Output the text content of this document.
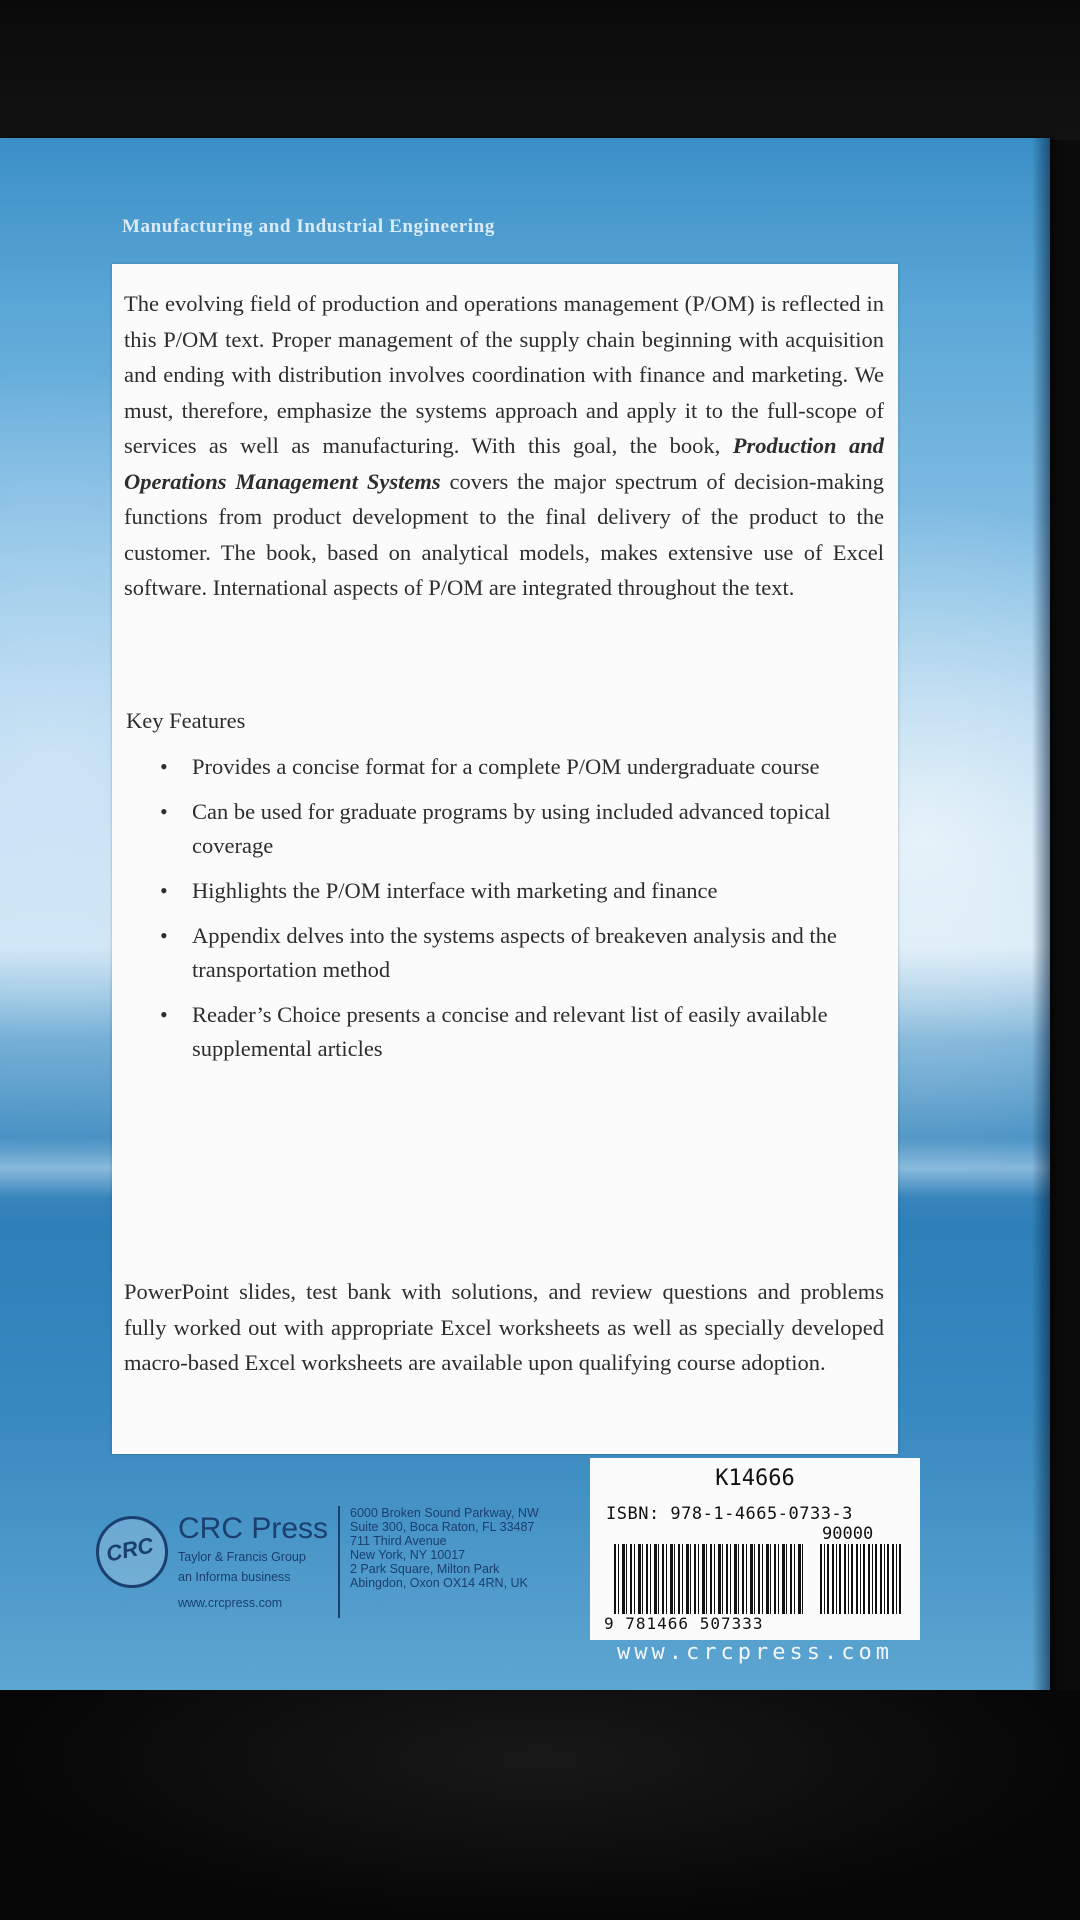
Manufacturing and Industrial Engineering

The evolving field of production and operations management (P/OM) is reflected in this P/OM text. Proper management of the supply chain beginning with acquisition and ending with distribution involves coordination with finance and marketing. We must, therefore, emphasize the systems approach and apply it to the full-scope of services as well as manufacturing. With this goal, the book, Production and Operations Management Systems covers the major spectrum of decision-making functions from product development to the final delivery of the product to the customer. The book, based on analytical models, makes extensive use of Excel software. International aspects of P/OM are integrated throughout the text.

Key Features
• Provides a concise format for a complete P/OM undergraduate course
• Can be used for graduate programs by using included advanced topical coverage
• Highlights the P/OM interface with marketing and finance
• Appendix delves into the systems aspects of breakeven analysis and the transportation method
• Reader’s Choice presents a concise and relevant list of easily available supplemental articles

PowerPoint slides, test bank with solutions, and review questions and problems fully worked out with appropriate Excel worksheets as well as specially developed macro-based Excel worksheets are available upon qualifying course adoption.

CRC
CRC Press
Taylor & Francis Group
an Informa business
www.crcpress.com
6000 Broken Sound Parkway, NW
Suite 300, Boca Raton, FL 33487
711 Third Avenue
New York, NY 10017
2 Park Square, Milton Park
Abingdon, Oxon OX14 4RN, UK
K14666
ISBN: 978-1-4665-0733-3
90000
9 781466 507333
www.crcpress.com
